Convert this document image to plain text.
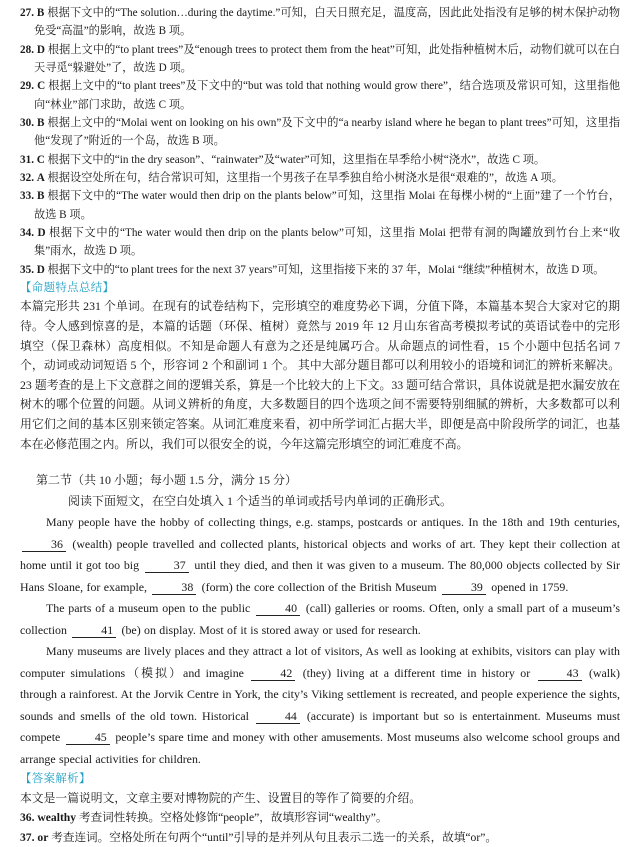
27. B 根据下文中的“The solution…during the daytime.”可知，白天日照充足，温度高，因此此处指没有足够的树木保护动物免受“高温”的影响，故选 B 项。

28. D 根据上文中的“to plant trees”及“enough trees to protect them from the heat”可知，此处指种植树木后，动物们就可以在白天寻觅“躲避处”了，故选 D 项。

29. C 根据上文中的“to plant trees”及下文中的“but was told that nothing would grow there”，结合选项及常识可知，这里指他向“林业”部门求助，故选 C 项。

30. B 根据上文中的“Molai went on looking on his own”及下文中的“a nearby island where he began to plant trees”可知，这里指他“发现了”附近的一个岛，故选 B 项。

31. C 根据下文中的“in the dry season”、“rainwater”及“water”可知，这里指在旱季给小树“浇水”，故选 C 项。

32. A 根据设空处所在句，结合常识可知，这里指一个男孩子在旱季独自给小树浇水是很“艰难的”，故选 A 项。

33. B 根据下文中的“The water would then drip on the plants below”可知，这里指 Molai 在每棵小树的“上面”建了一个竹台，故选 B 项。

34. D 根据下文中的“The water would then drip on the plants below”可知，这里指 Molai 把带有洞的陶罐放到竹台上来“收集”雨水，故选 D 项。

35. D 根据下文中的“to plant trees for the next 37 years”可知，这里指接下来的 37 年，Molai “继续”种植树木，故选 D 项。

【命题特点总结】

本篇完形共 231 个单词。在现有的试卷结构下，完形填空的难度势必下调，分值下降，本篇基本契合大家对它的期待。令人感到惊喜的是，本篇的话题（环保、植树）竟然与 2019 年 12 月山东省高考模拟考试的英语试卷中的完形填空（保卫森林）高度相似。不知是命题人有意为之还是纯属巧合。从命题点的词性看，15 个小题中包括名词 7 个，动词或动词短语 5 个，形容词 2 个和副词 1 个。 其中大部分题目都可以利用较小的语境和词汇的辨析来解决。23 题考查的是上下文意群之间的逻辑关系，算是一个比较大的上下文。33 题可结合常识，具体说就是把水漏安放在树木的哪个位置的问题。从词义辨析的角度，大多数题目的四个选项之间不需要特别细腻的辨析，大多数都可以利用它们之间的基本区别来锁定答案。从词汇难度来看，初中所学词汇占据大半，即便是高中阶段所学的词汇，也基本在必修范围之内。所以，我们可以很安全的说，今年这篇完形填空的词汇难度不高。

第二节（共 10 小题；每小题 1.5 分，满分 15 分）

阅读下面短文，在空白处填入 1 个适当的单词或括号内单词的正确形式。

Many people have the hobby of collecting things, e.g. stamps, postcards or antiques. In the 18th and 19th centuries, 36 (wealth) people travelled and collected plants, historical objects and works of art. They kept their collection at home until it got too big	37 until they died, and then it was given to a museum. The 80,000 objects collected by Sir Hans Sloane, for example,	38 (form) the core collection of the British Museum	39 opened in 1759.

The parts of a museum open to the public	40 (call) galleries or rooms. Often, only a small part of a museum’s collection	41 (be) on display. Most of it is stored away or used for research.

Many museums are lively places and they attract a lot of visitors, As well as looking at exhibits, visitors can play with computer simulations（模拟）and imagine	42 (they) living at a different time in history or	43 (walk) through a rainforest. At the Jorvik Centre in York, the city’s Viking settlement is recreated, and people experience the sights, sounds and smells of the old town. Historical	44 (accurate) is important but so is entertainment. Museums must compete	45 people’s spare time and money with other amusements. Most museums also welcome school groups and arrange special activities for children.

【答案解析】

本文是一篇说明文，文章主要对博物院的产生、设置目的等作了简要的介绍。

36. wealthy 考查词性转换。空格处修饰“people”，故填形容词“wealthy”。

37. or 考查连词。空格处所在句两个“until”引导的是并列从句且表示二选一的关系，故填“or”。
